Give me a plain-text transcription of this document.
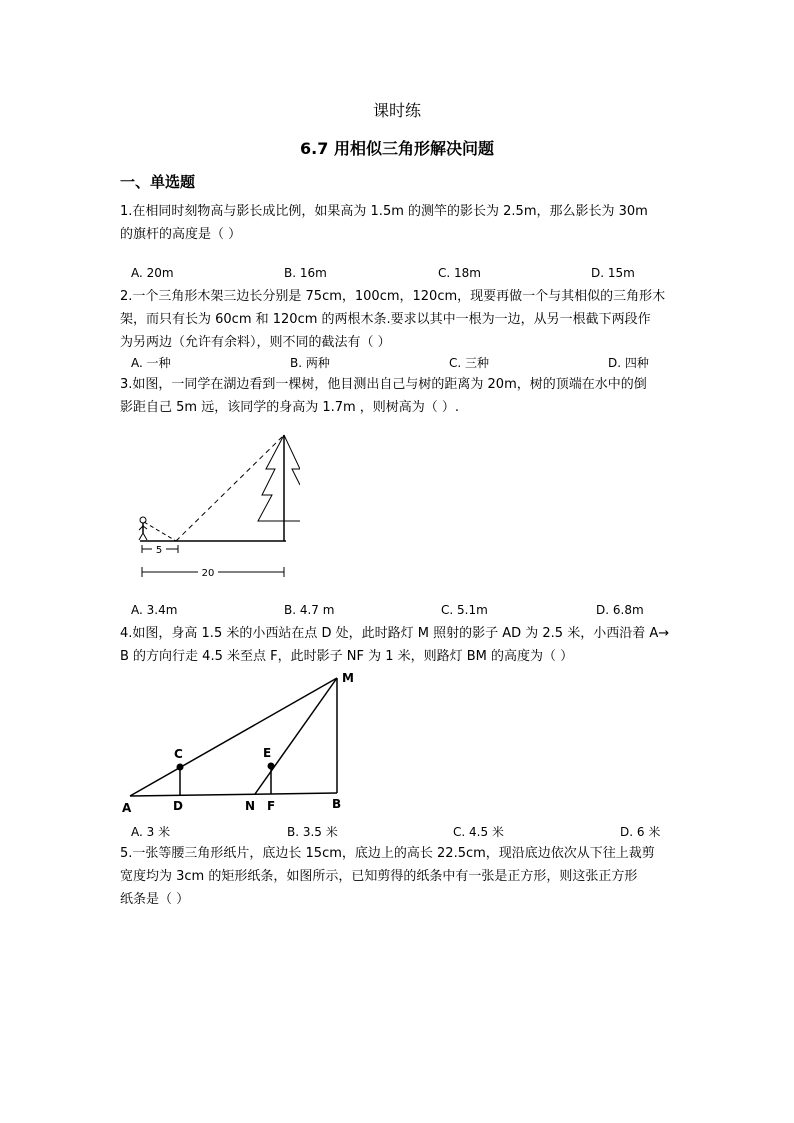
课时练
6.7 用相似三角形解决问题
一、单选题
1.在相同时刻物高与影长成比例，如果高为 1.5m 的测竿的影长为 2.5m，那么影长为 30m
的旗杆的高度是（ ）
A. 20m	B. 16m	C. 18m	D. 15m
2.一个三角形木架三边长分别是 75cm，100cm，120cm，现要再做一个与其相似的三角形木
架，而只有长为 60cm 和 120cm 的两根木条.要求以其中一根为一边，从另一根截下两段作
为另两边（允许有余料），则不同的截法有（ ）
A. 一种	B. 两种	C. 三种	D. 四种
3.如图，一同学在湖边看到一棵树，他目测出自己与树的距离为 20m，树的顶端在水中的倒
影距自己 5m 远，该同学的身高为 1.7m ，则树高为（ ）.
5
20
A. 3.4m	B. 4.7 m	C. 5.1m	D. 6.8m
4.如图，身高 1.5 米的小西站在点 D 处，此时路灯 M 照射的影子 AD 为 2.5 米，小西沿着 A→
B 的方向行走 4.5 米至点 F，此时影子 NF 为 1 米，则路灯 BM 的高度为（ ）
M
C	E
A	D	N F	B
A. 3 米	B. 3.5 米	C. 4.5 米	D. 6 米
5.一张等腰三角形纸片，底边长 15cm，底边上的高长 22.5cm，现沿底边依次从下往上裁剪
宽度均为 3cm 的矩形纸条，如图所示，已知剪得的纸条中有一张是正方形，则这张正方形
纸条是（ ）
